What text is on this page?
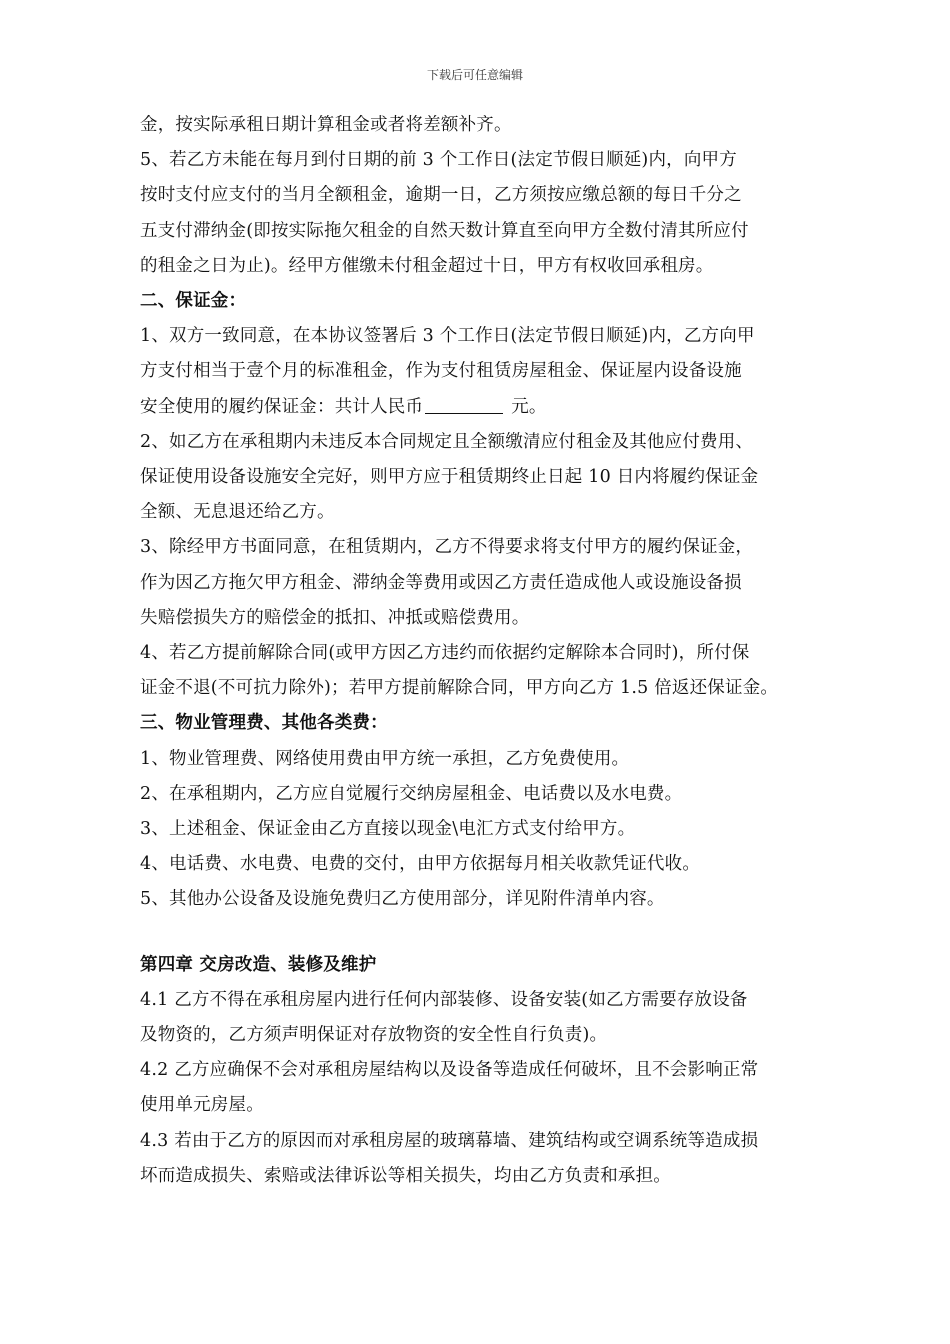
下载后可任意编辑

金，按实际承租日期计算租金或者将差额补齐。

5、若乙方未能在每月到付日期的前 3 个工作日(法定节假日顺延)内，向甲方

按时支付应支付的当月全额租金，逾期一日，乙方须按应缴总额的每日千分之

五支付滞纳金(即按实际拖欠租金的自然天数计算直至向甲方全数付清其所应付

的租金之日为止)。经甲方催缴未付租金超过十日，甲方有权收回承租房。

二、保证金：

1、双方一致同意，在本协议签署后 3 个工作日(法定节假日顺延)内，乙方向甲

方支付相当于壹个月的标准租金，作为支付租赁房屋租金、保证屋内设备设施

安全使用的履约保证金：共计人民币	元。

2、如乙方在承租期内未违反本合同规定且全额缴清应付租金及其他应付费用、

保证使用设备设施安全完好，则甲方应于租赁期终止日起 10 日内将履约保证金

全额、无息退还给乙方。

3、除经甲方书面同意，在租赁期内，乙方不得要求将支付甲方的履约保证金，

作为因乙方拖欠甲方租金、滞纳金等费用或因乙方责任造成他人或设施设备损

失赔偿损失方的赔偿金的抵扣、冲抵或赔偿费用。

4、若乙方提前解除合同(或甲方因乙方违约而依据约定解除本合同时)，所付保

证金不退(不可抗力除外)；若甲方提前解除合同，甲方向乙方 1.5 倍返还保证金。

三、物业管理费、其他各类费：

1、物业管理费、网络使用费由甲方统一承担，乙方免费使用。

2、在承租期内，乙方应自觉履行交纳房屋租金、电话费以及水电费。

3、上述租金、保证金由乙方直接以现金\电汇方式支付给甲方。

4、电话费、水电费、电费的交付，由甲方依据每月相关收款凭证代收。

5、其他办公设备及设施免费归乙方使用部分，详见附件清单内容。

第四章 交房改造、装修及维护

4.1 乙方不得在承租房屋内进行任何内部装修、设备安装(如乙方需要存放设备

及物资的，乙方须声明保证对存放物资的安全性自行负责)。

4.2 乙方应确保不会对承租房屋结构以及设备等造成任何破坏，且不会影响正常

使用单元房屋。

4.3 若由于乙方的原因而对承租房屋的玻璃幕墙、建筑结构或空调系统等造成损

坏而造成损失、索赔或法律诉讼等相关损失，均由乙方负责和承担。
